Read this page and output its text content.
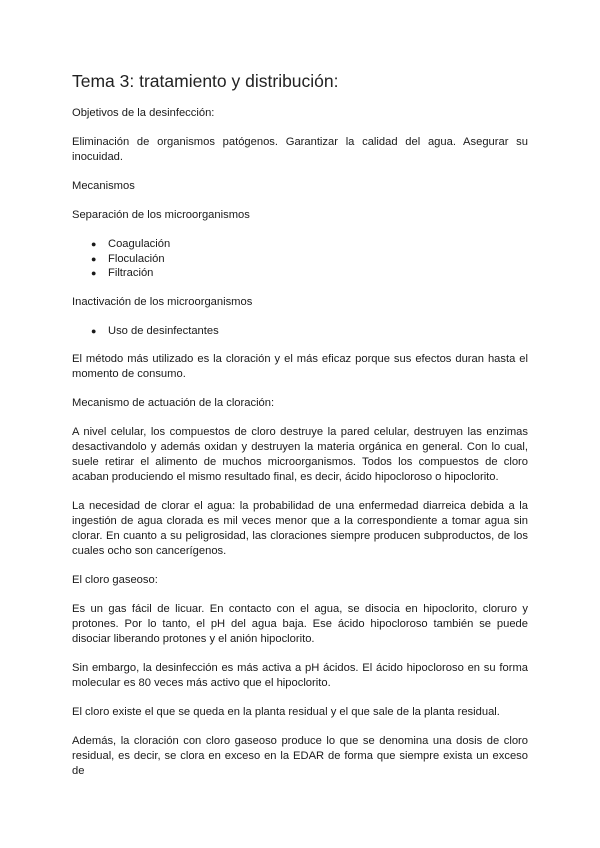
Tema 3: tratamiento y distribución:

Objetivos de la desinfección:

Eliminación de organismos patógenos. Garantizar la calidad del agua. Asegurar su inocuidad.

Mecanismos

Separación de los microorganismos

● Coagulación
● Floculación
● Filtración

Inactivación de los microorganismos

● Uso de desinfectantes

El método más utilizado es la cloración y el más eficaz porque sus efectos duran hasta el momento de consumo.

Mecanismo de actuación de la cloración:

A nivel celular, los compuestos de cloro destruye la pared celular, destruyen las enzimas desactivandolo y además oxidan y destruyen la materia orgánica en general. Con lo cual, suele retirar el alimento de muchos microorganismos. Todos los compuestos de cloro acaban produciendo el mismo resultado final, es decir, ácido hipocloroso o hipoclorito.

La necesidad de clorar el agua: la probabilidad de una enfermedad diarreica debida a la ingestión de agua clorada es mil veces menor que a la correspondiente a tomar agua sin clorar. En cuanto a su peligrosidad, las cloraciones siempre producen subproductos, de los cuales ocho son cancerígenos.

El cloro gaseoso:

Es un gas fácil de licuar. En contacto con el agua, se disocia en hipoclorito, cloruro y protones. Por lo tanto, el pH del agua baja. Ese ácido hipocloroso también se puede disociar liberando protones y el anión hipoclorito.

Sin embargo, la desinfección es más activa a pH ácidos. El ácido hipocloroso en su forma molecular es 80 veces más activo que el hipoclorito.

El cloro existe el que se queda en la planta residual y el que sale de la planta residual.

Además, la cloración con cloro gaseoso produce lo que se denomina una dosis de cloro residual, es decir, se clora en exceso en la EDAR de forma que siempre exista un exceso de
